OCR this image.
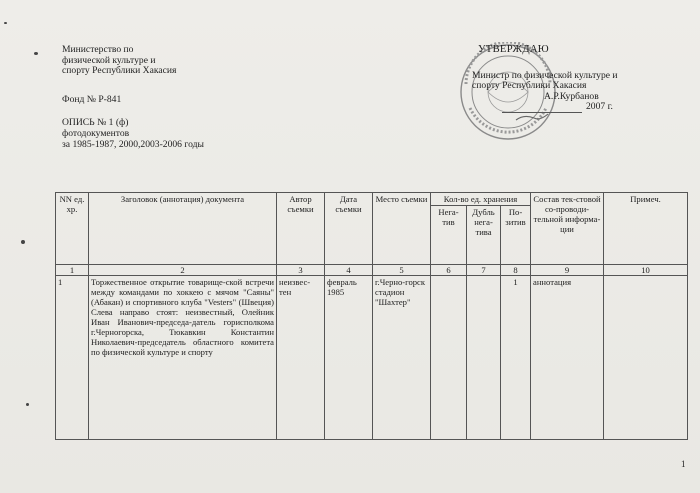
Министерство по
физической культуре и
спорту Республики Хакасия
Фонд № Р-841
ОПИСЬ № 1 (ф)
фотодокументов
за 1985-1987, 2000,2003-2006 годы
УТВЕРЖДАЮ
Министр по физической культуре и
спорту Республики Хакасия
А.Р.Курбанов
2007 г.
NN ед. хр.	Заголовок (аннотация) документа	Автор съемки	Дата съемки	Место съемки	Кол-во ед. хранения			Состав тек-стовой со-проводи-тельной информа-ции	Примеч.
					Нега-тив	Дубль нега-тива	По-зитив		
1	2	3	4	5	6	7	8	9	10
1	Торжественное открытие товарище-ской встречи между командами по хоккею с мячом "Саяны" (Абакан) и спортивного клуба "Vesters" (Швеция) Слева направо стоят: неизвестный, Олейник Иван Иванович-председа-датель горисполкома г.Черногорска, Тюкавкин Константин Николаевич-председатель областного комитета по физической культуре и спорту	неизвес-тен	февраль 1985	г.Черно-горск стадион "Шахтер"			1	аннотация	
1
